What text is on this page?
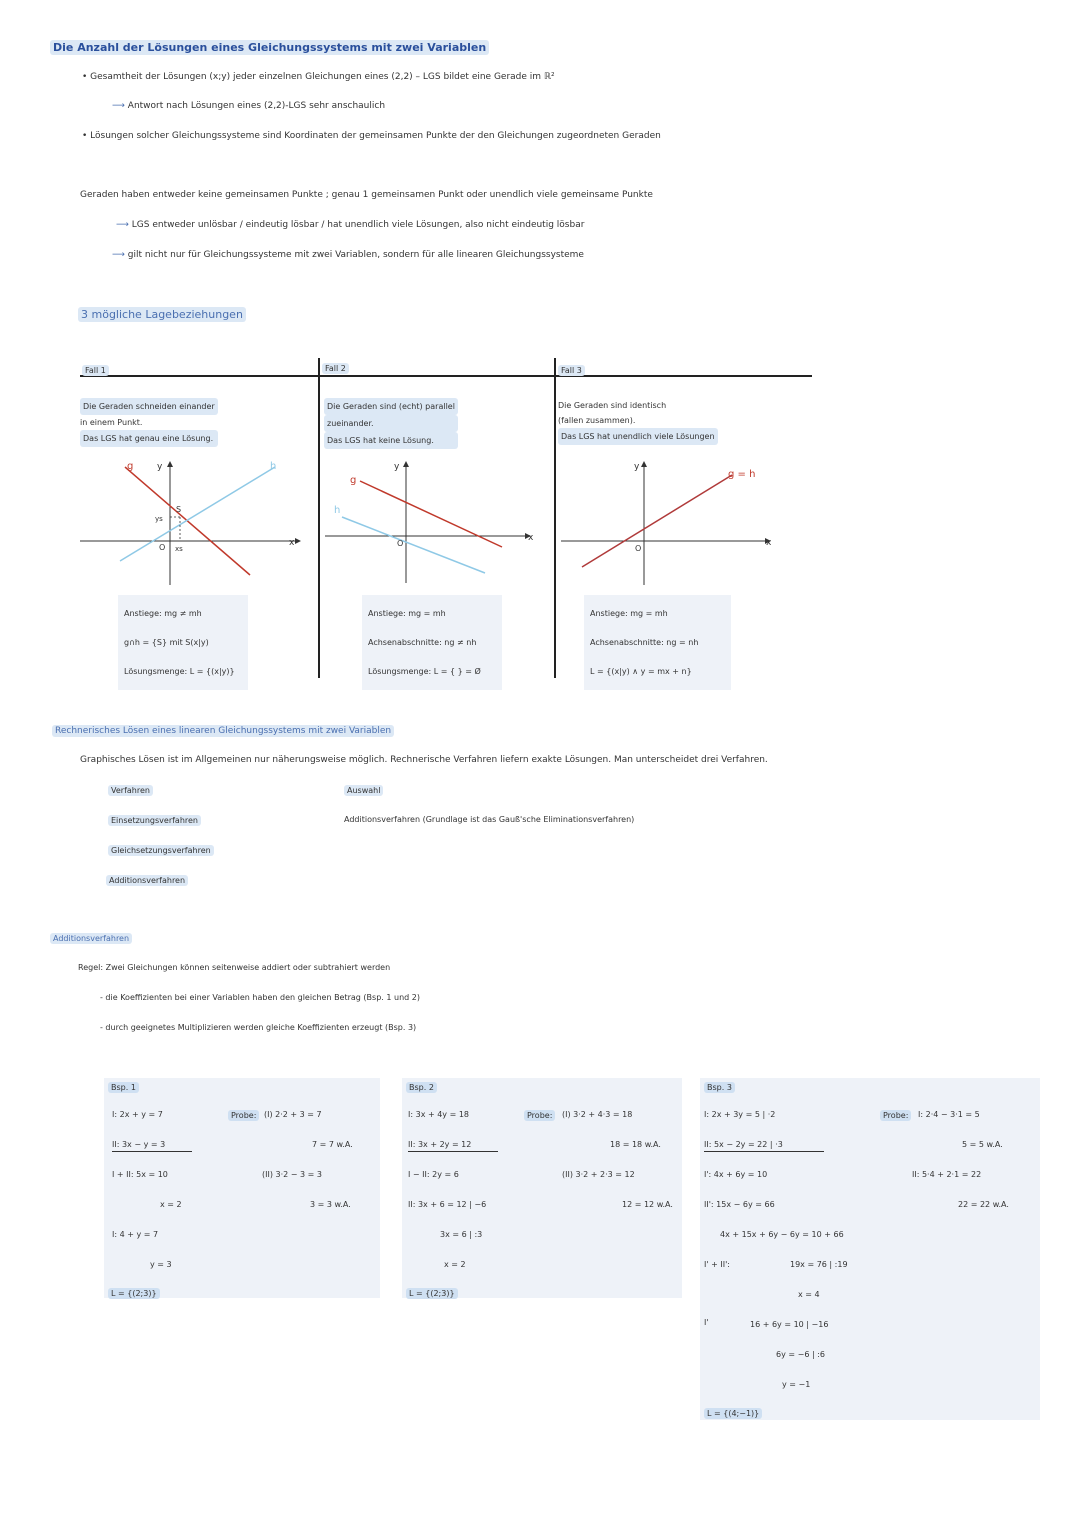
Die Anzahl der Lösungen eines Gleichungssystems mit zwei Variablen
• Gesamtheit der Lösungen (x;y) jeder einzelnen Gleichungen eines (2,2) – LGS bildet eine Gerade im ℝ²
⟶ Antwort nach Lösungen eines (2,2)-LGS sehr anschaulich
• Lösungen solcher Gleichungssysteme sind Koordinaten der gemeinsamen Punkte der den Gleichungen zugeordneten Geraden
Geraden haben entweder keine gemeinsamen Punkte ; genau 1 gemeinsamen Punkt oder unendlich viele gemeinsame Punkte
⟶ LGS entweder unlösbar / eindeutig lösbar / hat unendlich viele Lösungen, also nicht eindeutig lösbar
⟶ gilt nicht nur für Gleichungssysteme mit zwei Variablen, sondern für alle linearen Gleichungssysteme
3 mögliche Lagebeziehungen
Fall 1
Die Geraden schneiden einander
in einem Punkt.
Das LGS hat genau eine Lösung.
g	h
y
x
O
S
ys
xs
Anstiege: mg ≠ mh
g∩h = {S} mit S(x|y)
Lösungsmenge: L = {(x|y)}
Fall 2
Die Geraden sind (echt) parallel
zueinander.
Das LGS hat keine Lösung.
g
h
y
x
O
Anstiege: mg = mh
Achsenabschnitte: ng ≠ nh
Lösungsmenge: L = { } = Ø
Fall 3
Die Geraden sind identisch
(fallen zusammen).
Das LGS hat unendlich viele Lösungen
y
x
O
g = h
Anstiege: mg = mh
Achsenabschnitte: ng = nh
L = {(x|y) ∧ y = mx + n}
Rechnerisches Lösen eines linearen Gleichungssystems mit zwei Variablen
Graphisches Lösen ist im Allgemeinen nur näherungsweise möglich. Rechnerische Verfahren liefern exakte Lösungen. Man unterscheidet drei Verfahren.
Verfahren	Auswahl
Einsetzungsverfahren
Gleichsetzungsverfahren
Additionsverfahren
Additionsverfahren (Grundlage ist das Gauß'sche Eliminationsverfahren)
Additionsverfahren
Regel: Zwei Gleichungen können seitenweise addiert oder subtrahiert werden
- die Koeffizienten bei einer Variablen haben den gleichen Betrag (Bsp. 1 und 2)
- durch geeignetes Multiplizieren werden gleiche Koeffizienten erzeugt (Bsp. 3)
Bsp. 1
I: 2x + y = 7
II: 3x − y = 3
I + II: 5x = 10
x = 2
I: 4 + y = 7
y = 3
L = {(2;3)}
Probe: (I) 2·2 + 3 = 7
7 = 7 w.A.
(II) 3·2 − 3 = 3
3 = 3 w.A.
Bsp. 2
I: 3x + 4y = 18
II: 3x + 2y = 12
I − II: 2y = 6
II: 3x + 6 = 12 | −6
3x = 6 | :3
x = 2
L = {(2;3)}
Probe:	(I) 3·2 + 4·3 = 18
18 = 18 w.A.
(II) 3·2 + 2·3 = 12
12 = 12 w.A.
Bsp. 3
I: 2x + 3y = 5 | ·2
II: 5x − 2y = 22 | ·3
I': 4x + 6y = 10
II': 15x − 6y = 66
4x + 15x + 6y − 6y = 10 + 66
I' + II':	19x = 76 | :19
x = 4
I'	16 + 6y = 10 | −16
6y = −6 | :6
y = −1
L = {(4;−1)}
Probe:	I: 2·4 − 3·1 = 5
5 = 5 w.A.
II: 5·4 + 2·1 = 22
22 = 22 w.A.
